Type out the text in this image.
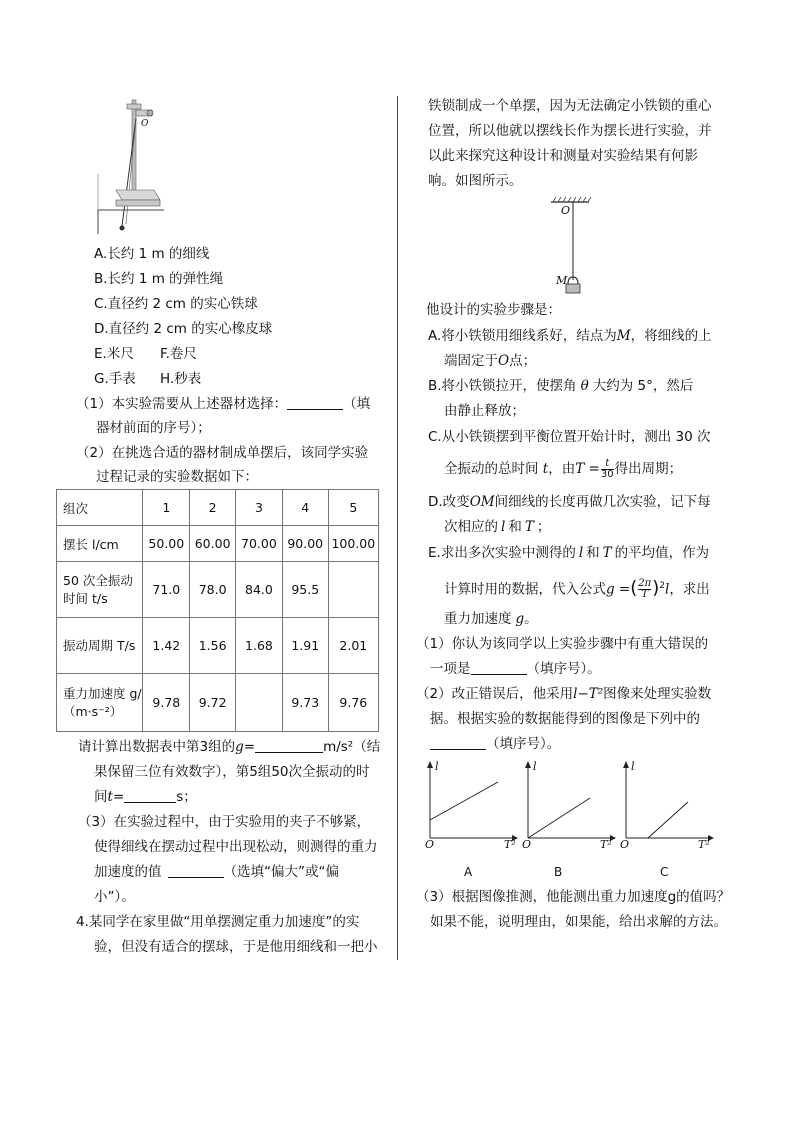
O
A.长约 1 m 的细线
B.长约 1 m 的弹性绳
C.直径约 2 cm 的实心铁球
D.直径约 2 cm 的实心橡皮球
E.米尺 F.卷尺
G.手表 H.秒表
（1）本实验需要从上述器材选择：	（填
器材前面的序号）；
（2）在挑选合适的器材制成单摆后，该同学实验
过程记录的实验数据如下：
组次	1	2	3	4	5
摆长 l/cm	50.00	60.00	70.00	90.00	100.00
50 次全振动时间 t/s	71.0	78.0	84.0	95.5	
振动周期 T/s	1.42	1.56	1.68	1.91	2.01
重力加速度 g/（m·s⁻²）	9.78	9.72		9.73	9.76
请计算出数据表中第3组的g=	m/s²（结
果保留三位有效数字），第5组50次全振动的时
间t=	s；
（3）在实验过程中，由于实验用的夹子不够紧，
使得细线在摆动过程中出现松动，则测得的重力
加速度的值	（选填“偏大”或“偏
小”）。
4.某同学在家里做“用单摆测定重力加速度”的实
验，但没有适合的摆球，于是他用细线和一把小
铁锁制成一个单摆，因为无法确定小铁锁的重心
位置，所以他就以摆线长作为摆长进行实验，并
以此来探究这种设计和测量对实验结果有何影
响。如图所示。
O
M
他设计的实验步骤是：
A.将小铁锁用细线系好，结点为M，将细线的上
端固定于O点；
B.将小铁锁拉开，使摆角 θ 大约为 5°，然后
由静止释放；
C.从小铁锁摆到平衡位置开始计时，测出 30 次
全振动的总时间 t，由$T = \frac{t}{30}$ 得出周期；
D.改变OM间细线的长度再做几次实验，记下每
次相应的 l 和 T ；
E.求出多次实验中测得的 l 和 T 的平均值，作为
计算时用的数据，代入公式g =( $\frac{2\pi}{T} )^2l$，求出
重力加速度 g。
（1）你认为该同学以上实验步骤中有重大错误的
一项是	（填序号）。
（2）改正错误后，他采用l−T²图像来处理实验数
据。根据实验的数据能得到的图像是下列中的
（填序号）。
l
T²
O
l
T²
O
l
T²
O
A	B	C
（3）根据图像推测，他能测出重力加速度g的值吗？
如果不能，说明理由，如果能，给出求解的方法。
